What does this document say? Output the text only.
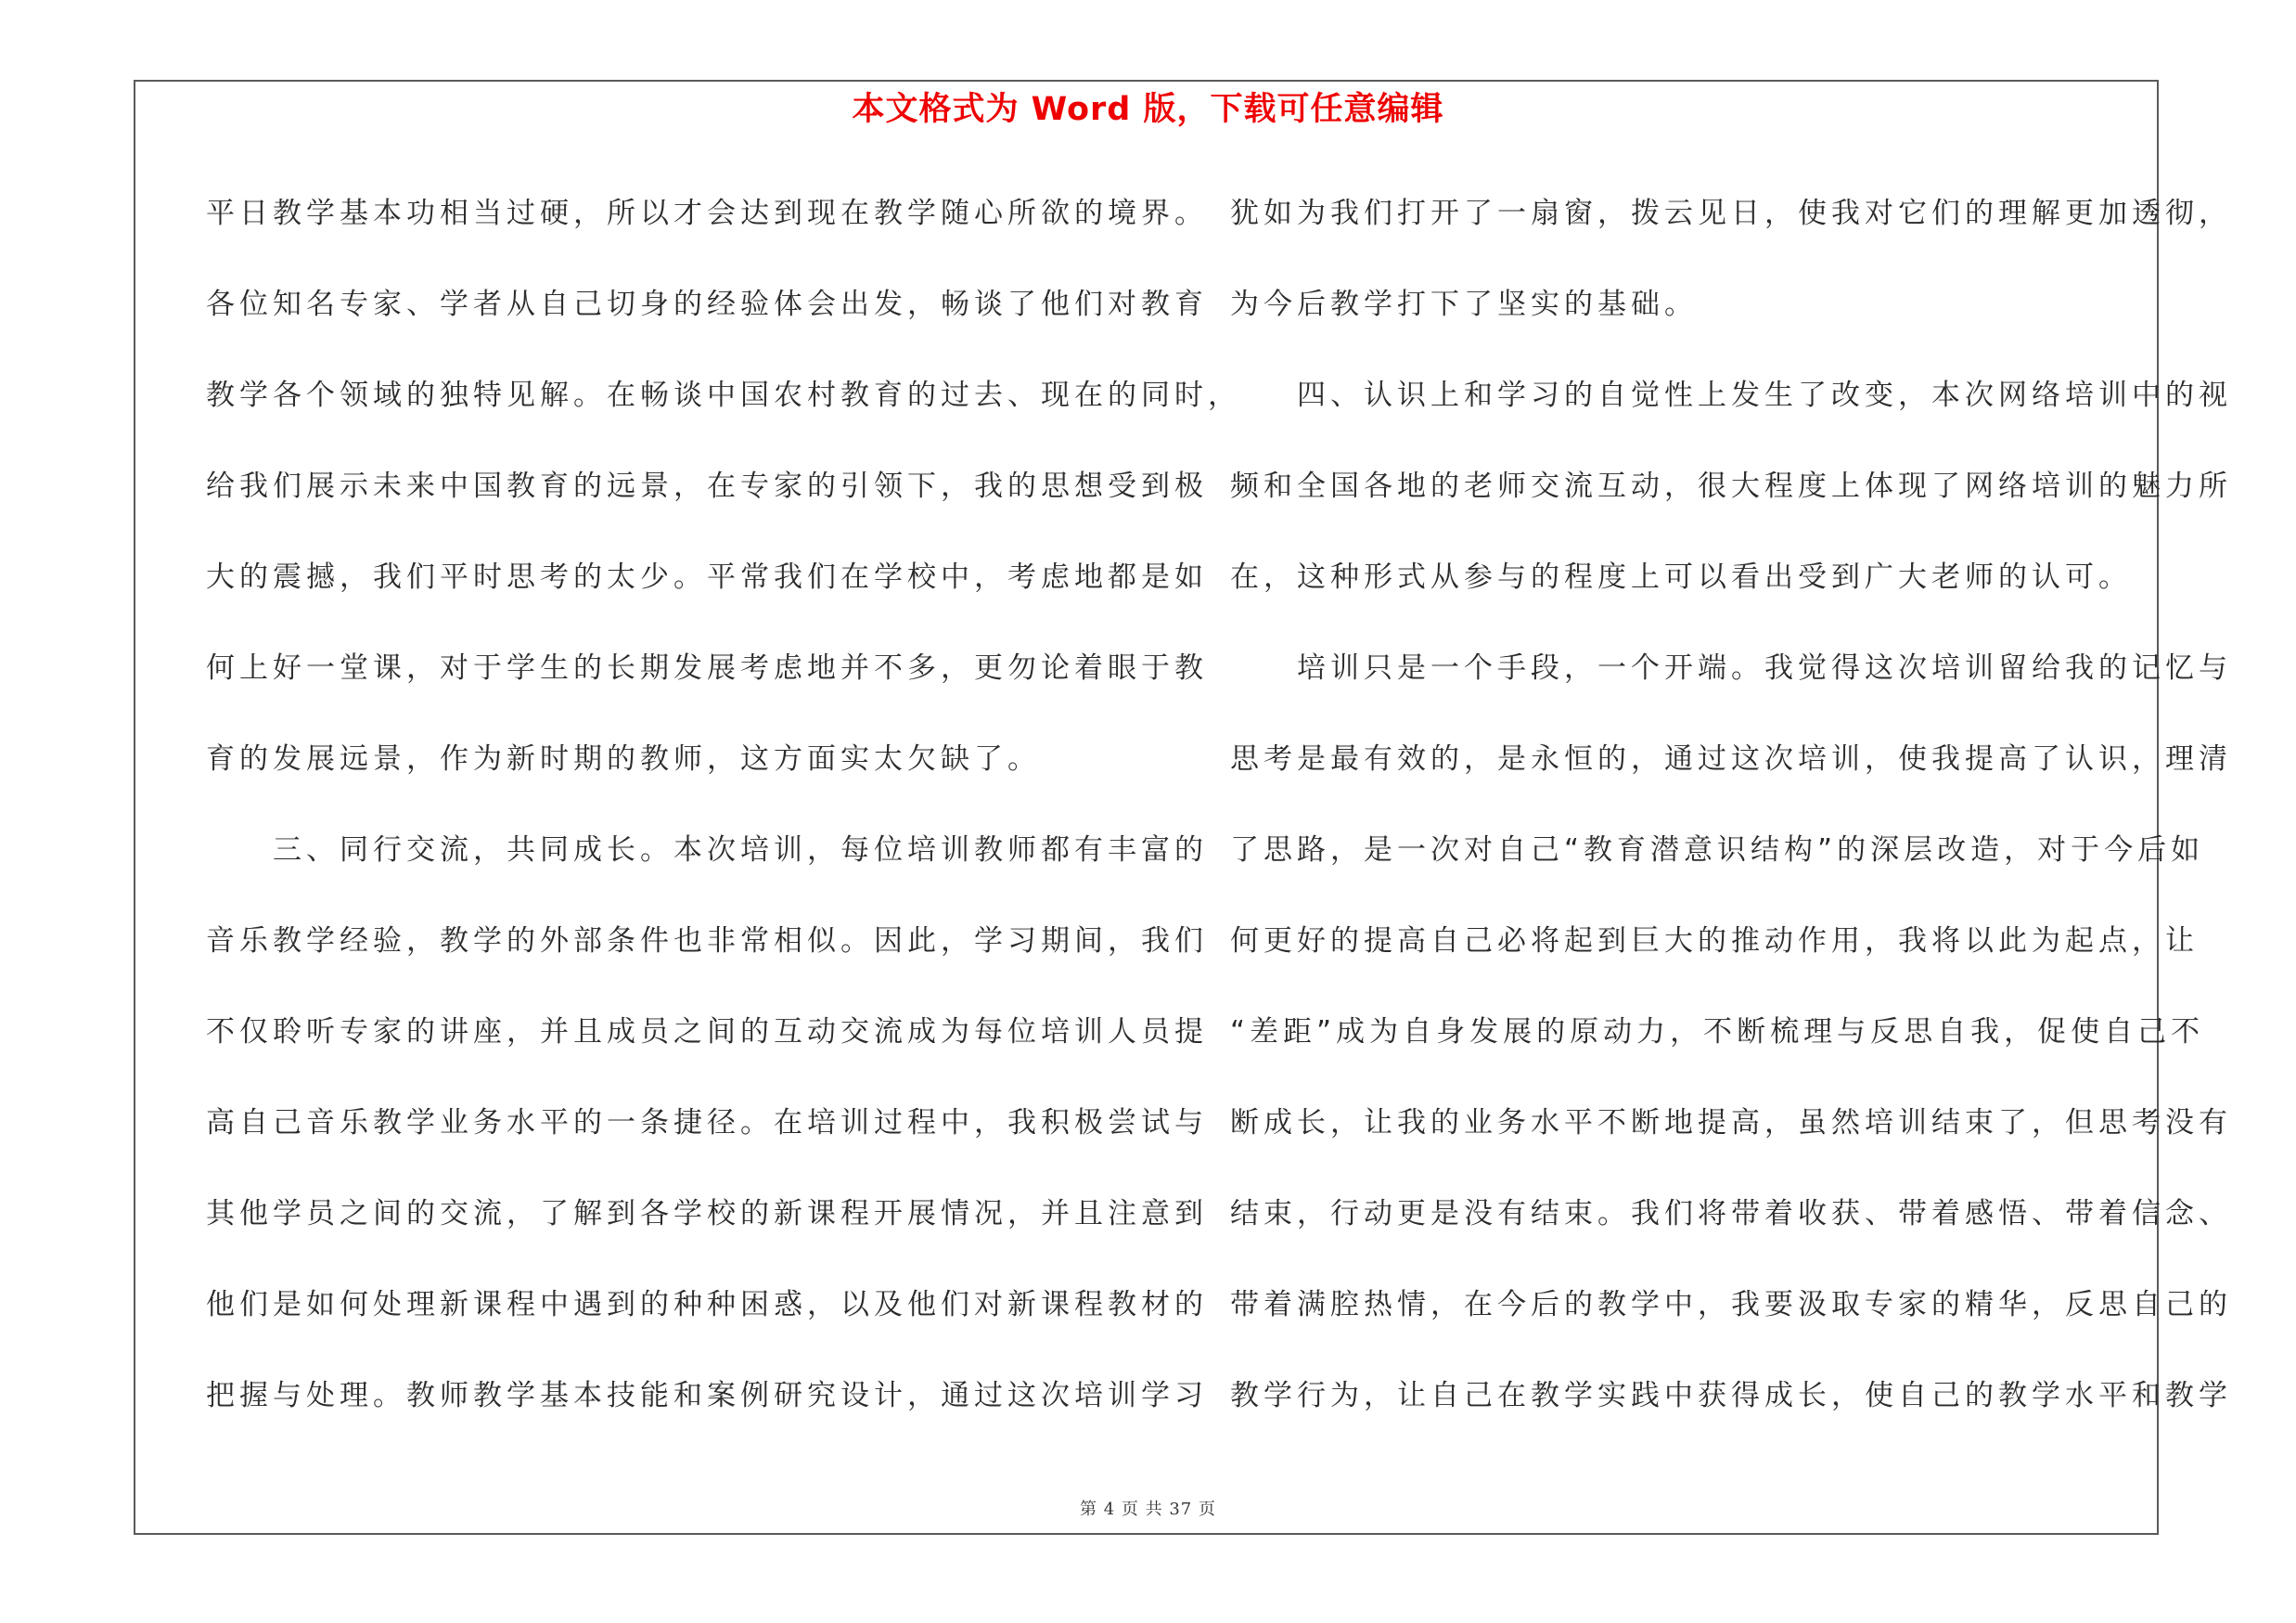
本文格式为 Word 版，下载可任意编辑
平日教学基本功相当过硬，所以才会达到现在教学随心所欲的境界。
各位知名专家、学者从自己切身的经验体会出发，畅谈了他们对教育
教学各个领域的独特见解。在畅谈中国农村教育的过去、现在的同时，
给我们展示未来中国教育的远景，在专家的引领下，我的思想受到极
大的震撼，我们平时思考的太少。平常我们在学校中，考虑地都是如
何上好一堂课，对于学生的长期发展考虑地并不多，更勿论着眼于教
育的发展远景，作为新时期的教师，这方面实太欠缺了。
　　三、同行交流，共同成长。本次培训，每位培训教师都有丰富的
音乐教学经验，教学的外部条件也非常相似。因此，学习期间，我们
不仅聆听专家的讲座，并且成员之间的互动交流成为每位培训人员提
高自己音乐教学业务水平的一条捷径。在培训过程中，我积极尝试与
其他学员之间的交流，了解到各学校的新课程开展情况，并且注意到
他们是如何处理新课程中遇到的种种困惑，以及他们对新课程教材的
把握与处理。教师教学基本技能和案例研究设计，通过这次培训学习
犹如为我们打开了一扇窗，拨云见日，使我对它们的理解更加透彻，
为今后教学打下了坚实的基础。
　　四、认识上和学习的自觉性上发生了改变，本次网络培训中的视
频和全国各地的老师交流互动，很大程度上体现了网络培训的魅力所
在，这种形式从参与的程度上可以看出受到广大老师的认可。
　　培训只是一个手段，一个开端。我觉得这次培训留给我的记忆与
思考是最有效的，是永恒的，通过这次培训，使我提高了认识，理清
了思路，是一次对自己“教育潜意识结构”的深层改造，对于今后如
何更好的提高自己必将起到巨大的推动作用，我将以此为起点，让
“差距”成为自身发展的原动力，不断梳理与反思自我，促使自己不
断成长，让我的业务水平不断地提高，虽然培训结束了，但思考没有
结束，行动更是没有结束。我们将带着收获、带着感悟、带着信念、
带着满腔热情，在今后的教学中，我要汲取专家的精华，反思自己的
教学行为，让自己在教学实践中获得成长，使自己的教学水平和教学
第 4 页 共 37 页
